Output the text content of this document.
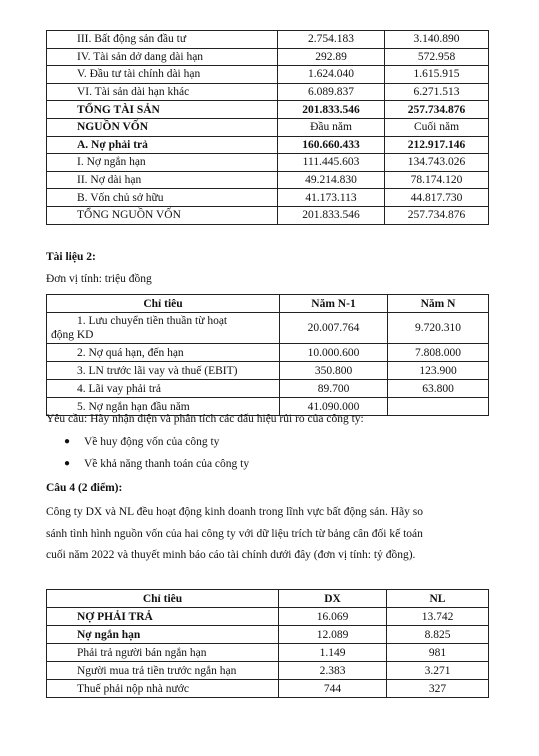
III. Bất động sản đầu tư	2.754.183	3.140.890
IV. Tài sản dở dang dài hạn	292.89	572.958
V. Đầu tư tài chính dài hạn	1.624.040	1.615.915
VI. Tài sản dài hạn khác	6.089.837	6.271.513
TỔNG TÀI SẢN	201.833.546	257.734.876
NGUỒN VỐN	Đầu năm	Cuối năm
A. Nợ phải trả	160.660.433	212.917.146
I. Nợ ngắn hạn	111.445.603	134.743.026
II. Nợ dài hạn	49.214.830	78.174.120
B. Vốn chủ sở hữu	41.173.113	44.817.730
TỔNG NGUỒN VỐN	201.833.546	257.734.876

Tài liệu 2:

Đơn vị tính: triệu đồng

Chỉ tiêu	Năm N-1	Năm N

1. Lưu chuyển tiền thuần từ hoạt
động KD	20.007.764	9.720.310
2. Nợ quá hạn, đến hạn	10.000.600	7.808.000
3. LN trước lãi vay và thuế (EBIT)	350.800	123.900
4. Lãi vay phải trả	89.700	63.800
5. Nợ ngắn hạn đầu năm	41.090.000	

Yêu cầu: Hãy nhận diện và phân tích các dấu hiệu rủi ro của công ty:

● Về huy động vốn của công ty
● Về khả năng thanh toán của công ty

Câu 4 (2 điểm):

Công ty DX và NL đều hoạt động kinh doanh trong lĩnh vực bất động sản. Hãy so

sánh tình hình nguồn vốn của hai công ty với dữ liệu trích từ bảng cân đối kế toán

cuối năm 2022 và thuyết minh báo cáo tài chính dưới đây (đơn vị tính: tỷ đồng).

Chỉ tiêu	DX	NL
NỢ PHẢI TRẢ	16.069	13.742
Nợ ngắn hạn	12.089	8.825
Phải trả người bán ngắn hạn	1.149	981
Người mua trả tiền trước ngắn hạn	2.383	3.271
Thuế phải nộp nhà nước	744	327
